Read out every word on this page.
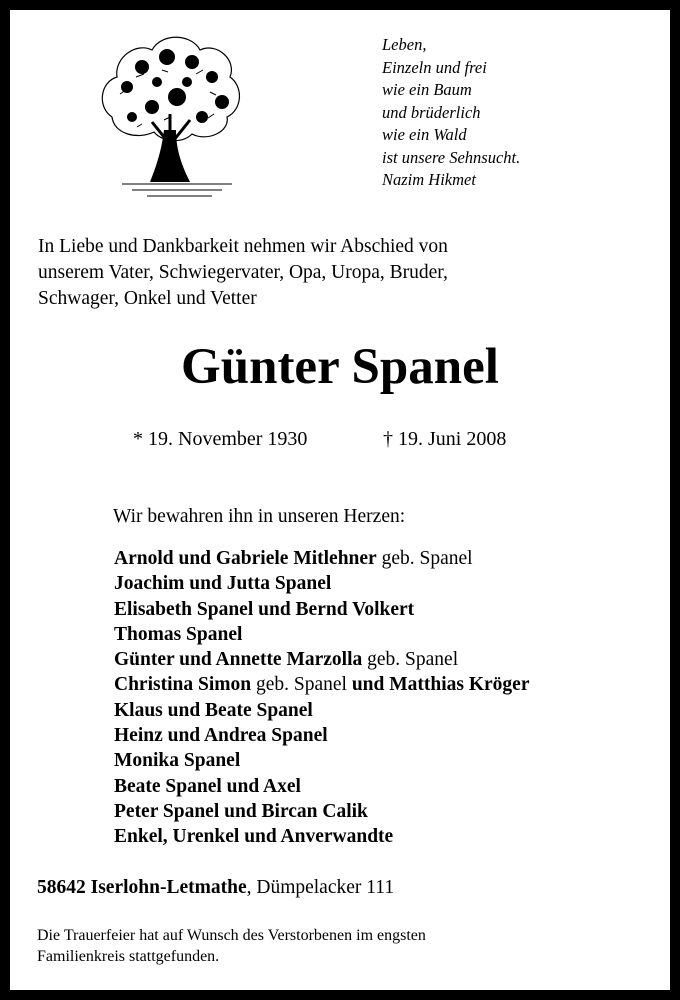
Leben,
Einzeln und frei
wie ein Baum
und brüderlich
wie ein Wald
ist unsere Sehnsucht.
Nazim Hikmet
In Liebe und Dankbarkeit nehmen wir Abschied von
unserem Vater, Schwiegervater, Opa, Uropa, Bruder,
Schwager, Onkel und Vetter
Günter Spanel
* 19. November 1930	† 19. Juni 2008
Wir bewahren ihn in unseren Herzen:
Arnold und Gabriele Mitlehner geb. Spanel
Joachim und Jutta Spanel
Elisabeth Spanel und Bernd Volkert
Thomas Spanel
Günter und Annette Marzolla geb. Spanel
Christina Simon geb. Spanel und Matthias Kröger
Klaus und Beate Spanel
Heinz und Andrea Spanel
Monika Spanel
Beate Spanel und Axel
Peter Spanel und Bircan Calik
Enkel, Urenkel und Anverwandte
58642 Iserlohn-Letmathe, Dümpelacker 111
Die Trauerfeier hat auf Wunsch des Verstorbenen im engsten
Familienkreis stattgefunden.
